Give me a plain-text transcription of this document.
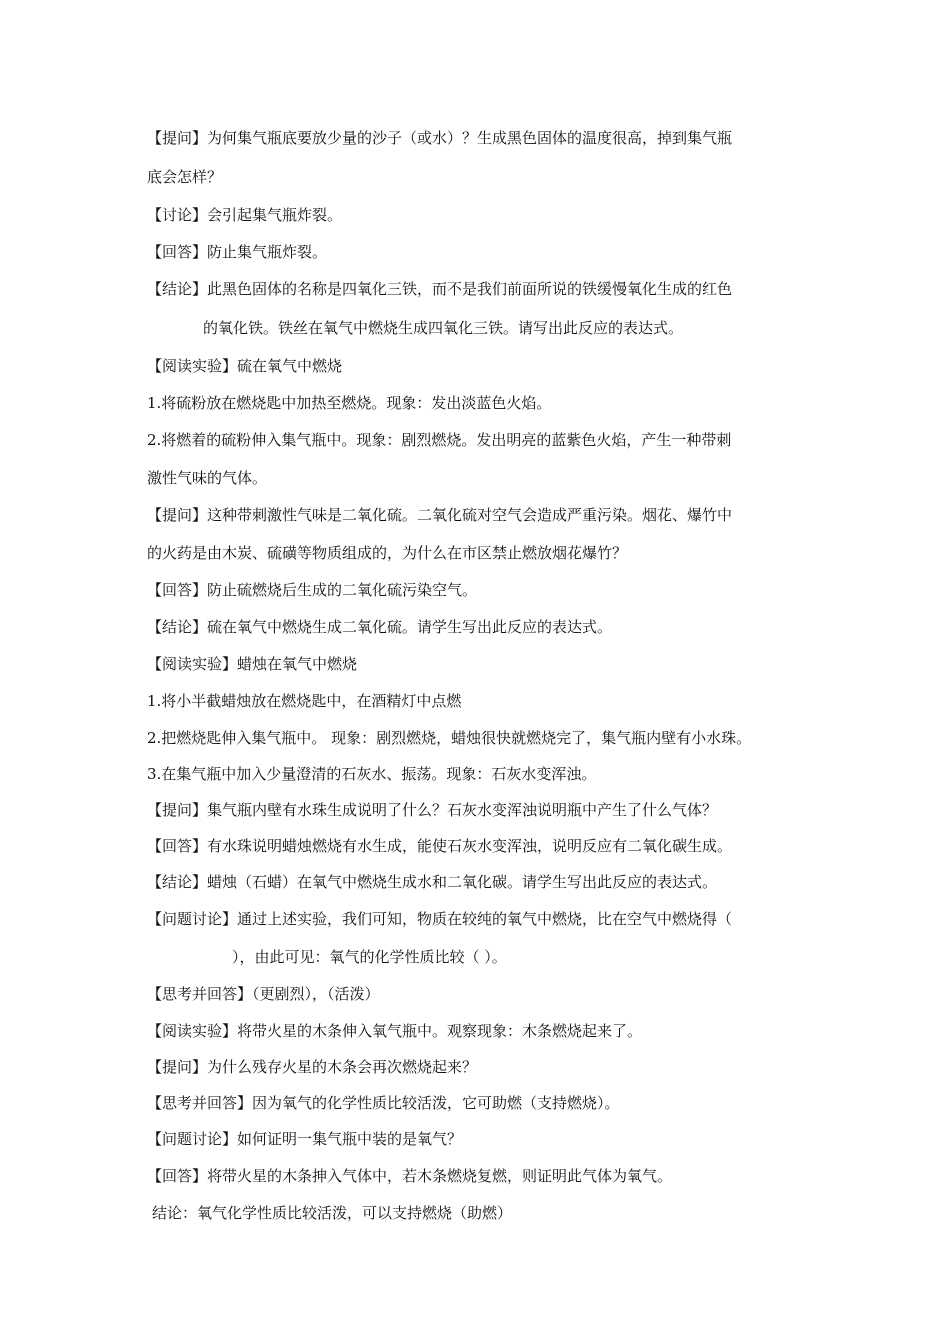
【提问】为何集气瓶底要放少量的沙子（或水）？生成黑色固体的温度很高，掉到集气瓶
底会怎样？
【讨论】会引起集气瓶炸裂。
【回答】防止集气瓶炸裂。
【结论】此黑色固体的名称是四氧化三铁，而不是我们前面所说的铁缓慢氧化生成的红色
的氧化铁。铁丝在氧气中燃烧生成四氧化三铁。请写出此反应的表达式。
【阅读实验】硫在氧气中燃烧
1.将硫粉放在燃烧匙中加热至燃烧。现象：发出淡蓝色火焰。
2.将燃着的硫粉伸入集气瓶中。现象：剧烈燃烧。发出明亮的蓝紫色火焰，产生一种带刺
激性气味的气体。
【提问】这种带刺激性气味是二氧化硫。二氧化硫对空气会造成严重污染。烟花、爆竹中
的火药是由木炭、硫磺等物质组成的，为什么在市区禁止燃放烟花爆竹？
【回答】防止硫燃烧后生成的二氧化硫污染空气。
【结论】硫在氧气中燃烧生成二氧化硫。请学生写出此反应的表达式。
【阅读实验】蜡烛在氧气中燃烧
1.将小半截蜡烛放在燃烧匙中，在酒精灯中点燃
2.把燃烧匙伸入集气瓶中。 现象：剧烈燃烧，蜡烛很快就燃烧完了，集气瓶内壁有小水珠。
3.在集气瓶中加入少量澄清的石灰水、振荡。现象：石灰水变浑浊。
【提问】集气瓶内壁有水珠生成说明了什么？石灰水变浑浊说明瓶中产生了什么气体？
【回答】有水珠说明蜡烛燃烧有水生成，能使石灰水变浑浊，说明反应有二氧化碳生成。
【结论】蜡烛（石蜡）在氧气中燃烧生成水和二氧化碳。请学生写出此反应的表达式。
【问题讨论】通过上述实验，我们可知，物质在较纯的氧气中燃烧，比在空气中燃烧得（
），由此可见：氧气的化学性质比较（ ）。
【思考并回答】（更剧烈），（活泼）
【阅读实验】将带火星的木条伸入氧气瓶中。观察现象：木条燃烧起来了。
【提问】为什么残存火星的木条会再次燃烧起来？
【思考并回答】因为氧气的化学性质比较活泼，它可助燃（支持燃烧）。
【问题讨论】如何证明一集气瓶中装的是氧气？
【回答】将带火星的木条抻入气体中，若木条燃烧复燃，则证明此气体为氧气。
结论：氧气化学性质比较活泼，可以支持燃烧（助燃）
